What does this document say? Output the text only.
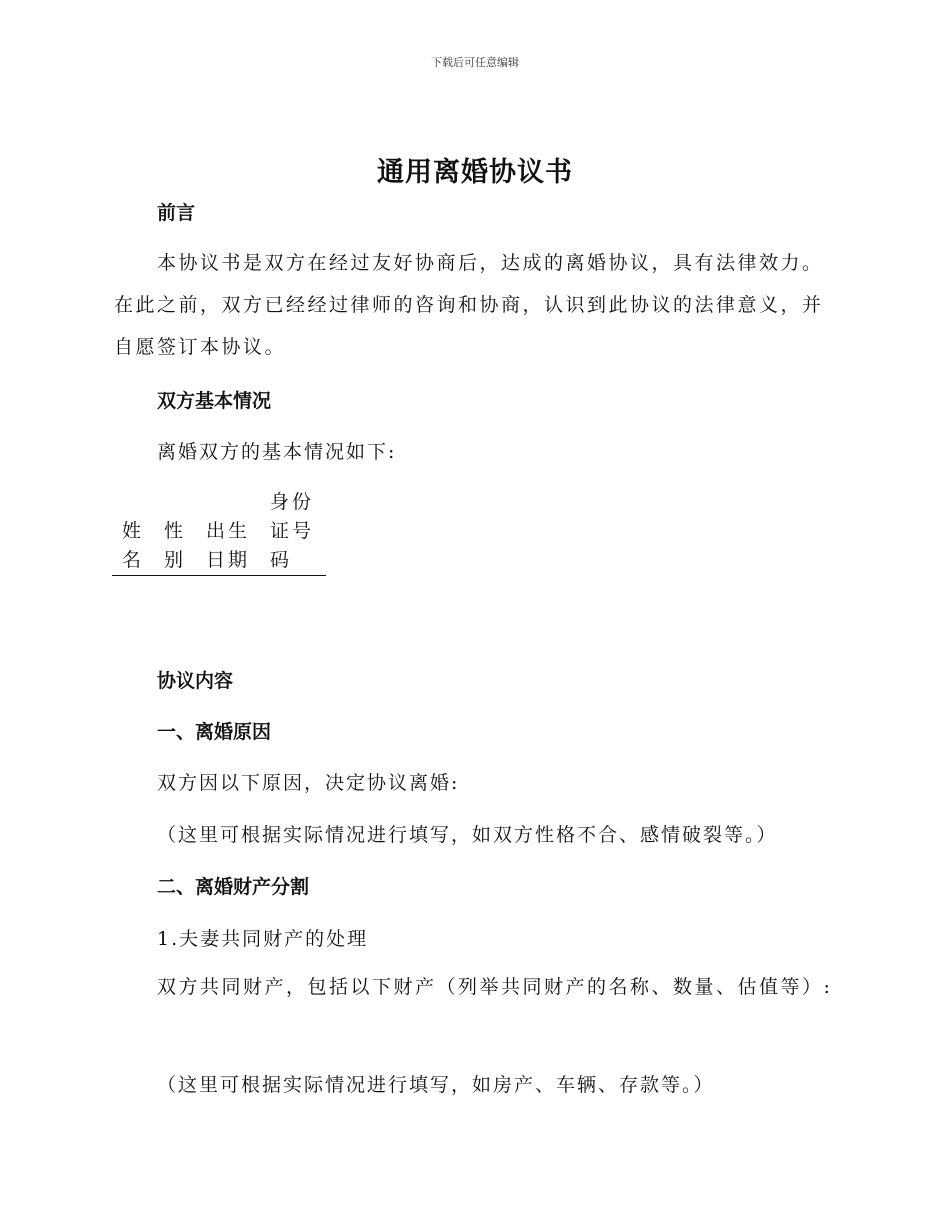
下载后可任意编辑
通用离婚协议书
前言
本协议书是双方在经过友好协商后，达成的离婚协议，具有法律效力。在此之前，双方已经经过律师的咨询和协商，认识到此协议的法律意义，并自愿签订本协议。
双方基本情况
离婚双方的基本情况如下:
姓名	性别	出生日期	身份证号码
协议内容
一、离婚原因
双方因以下原因，决定协议离婚:
（这里可根据实际情况进行填写，如双方性格不合、感情破裂等。）
二、离婚财产分割
1.夫妻共同财产的处理
双方共同财产，包括以下财产（列举共同财产的名称、数量、估值等）:
（这里可根据实际情况进行填写，如房产、车辆、存款等。）
